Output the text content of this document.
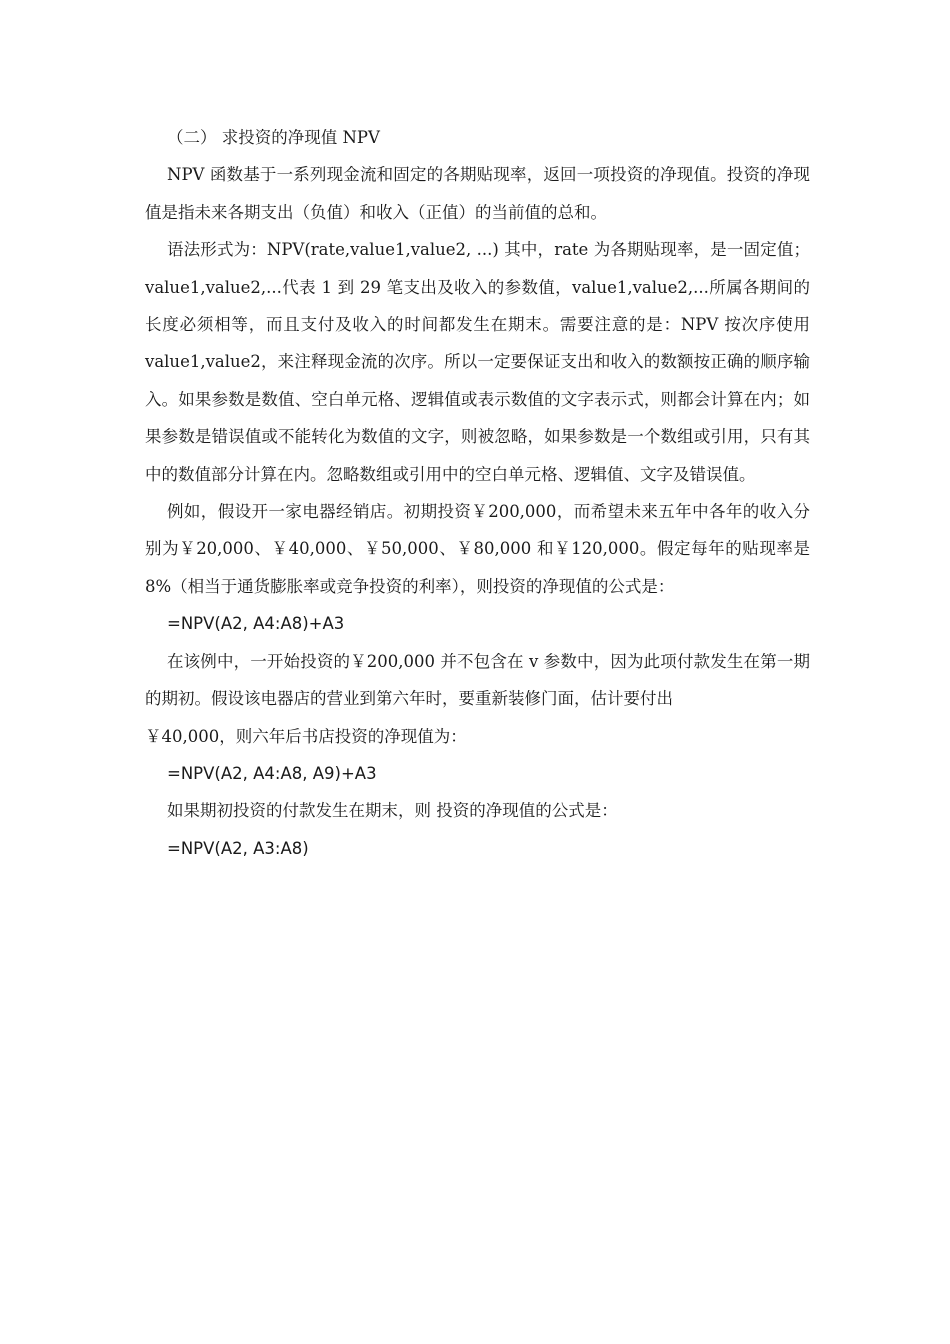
（二） 求投资的净现值 NPV

NPV 函数基于一系列现金流和固定的各期贴现率，返回一项投资的净现值。投资的净现值是指未来各期支出（负值）和收入（正值）的当前值的总和。

语法形式为：NPV(rate,value1,value2, ...) 其中，rate 为各期贴现率，是一固定值；value1,value2,...代表 1 到 29 笔支出及收入的参数值，value1,value2,...所属各期间的长度必须相等，而且支付及收入的时间都发生在期末。需要注意的是：NPV 按次序使用 value1,value2，来注释现金流的次序。所以一定要保证支出和收入的数额按正确的顺序输入。如果参数是数值、空白单元格、逻辑值或表示数值的文字表示式，则都会计算在内；如果参数是错误值或不能转化为数值的文字，则被忽略，如果参数是一个数组或引用，只有其中的数值部分计算在内。忽略数组或引用中的空白单元格、逻辑值、文字及错误值。

例如，假设开一家电器经销店。初期投资￥200,000，而希望未来五年中各年的收入分别为￥20,000、￥40,000、￥50,000、￥80,000 和￥120,000。假定每年的贴现率是 8%（相当于通货膨胀率或竞争投资的利率），则投资的净现值的公式是：

=NPV(A2, A4:A8)+A3

在该例中，一开始投资的￥200,000 并不包含在 v 参数中，因为此项付款发生在第一期的期初。假设该电器店的营业到第六年时，要重新装修门面，估计要付出
￥40,000，则六年后书店投资的净现值为：

=NPV(A2, A4:A8, A9)+A3

如果期初投资的付款发生在期末，则 投资的净现值的公式是：

=NPV(A2, A3:A8)
